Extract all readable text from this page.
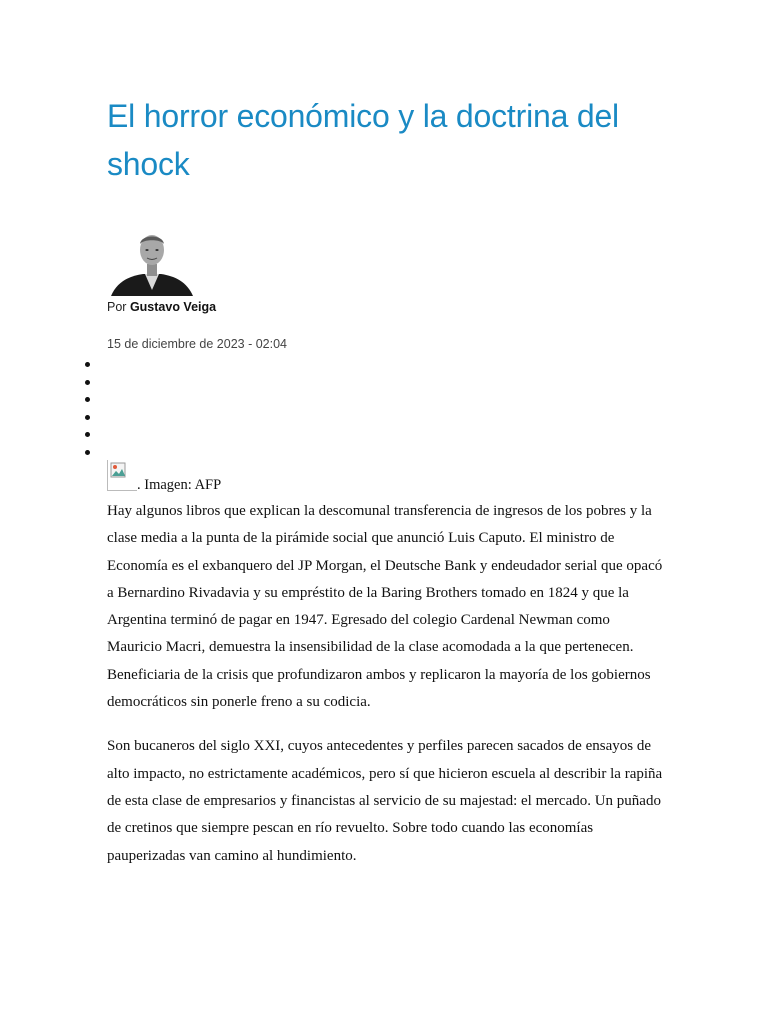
El horror económico y la doctrina del shock
Por Gustavo Veiga
15 de diciembre de 2023 - 02:04
. Imagen: AFP

Hay algunos libros que explican la descomunal transferencia de ingresos de los pobres y la clase media a la punta de la pirámide social que anunció Luis Caputo. El ministro de Economía es el exbanquero del JP Morgan, el Deutsche Bank y endeudador serial que opacó a Bernardino Rivadavia y su empréstito de la Baring Brothers tomado en 1824 y que la Argentina terminó de pagar en 1947. Egresado del colegio Cardenal Newman como Mauricio Macri, demuestra la insensibilidad de la clase acomodada a la que pertenecen. Beneficiaria de la crisis que profundizaron ambos y replicaron la mayoría de los gobiernos democráticos sin ponerle freno a su codicia.

Son bucaneros del siglo XXI, cuyos antecedentes y perfiles parecen sacados de ensayos de alto impacto, no estrictamente académicos, pero sí que hicieron escuela al describir la rapiña de esta clase de empresarios y financistas al servicio de su majestad: el mercado. Un puñado de cretinos que siempre pescan en río revuelto. Sobre todo cuando las economías pauperizadas van camino al hundimiento.
